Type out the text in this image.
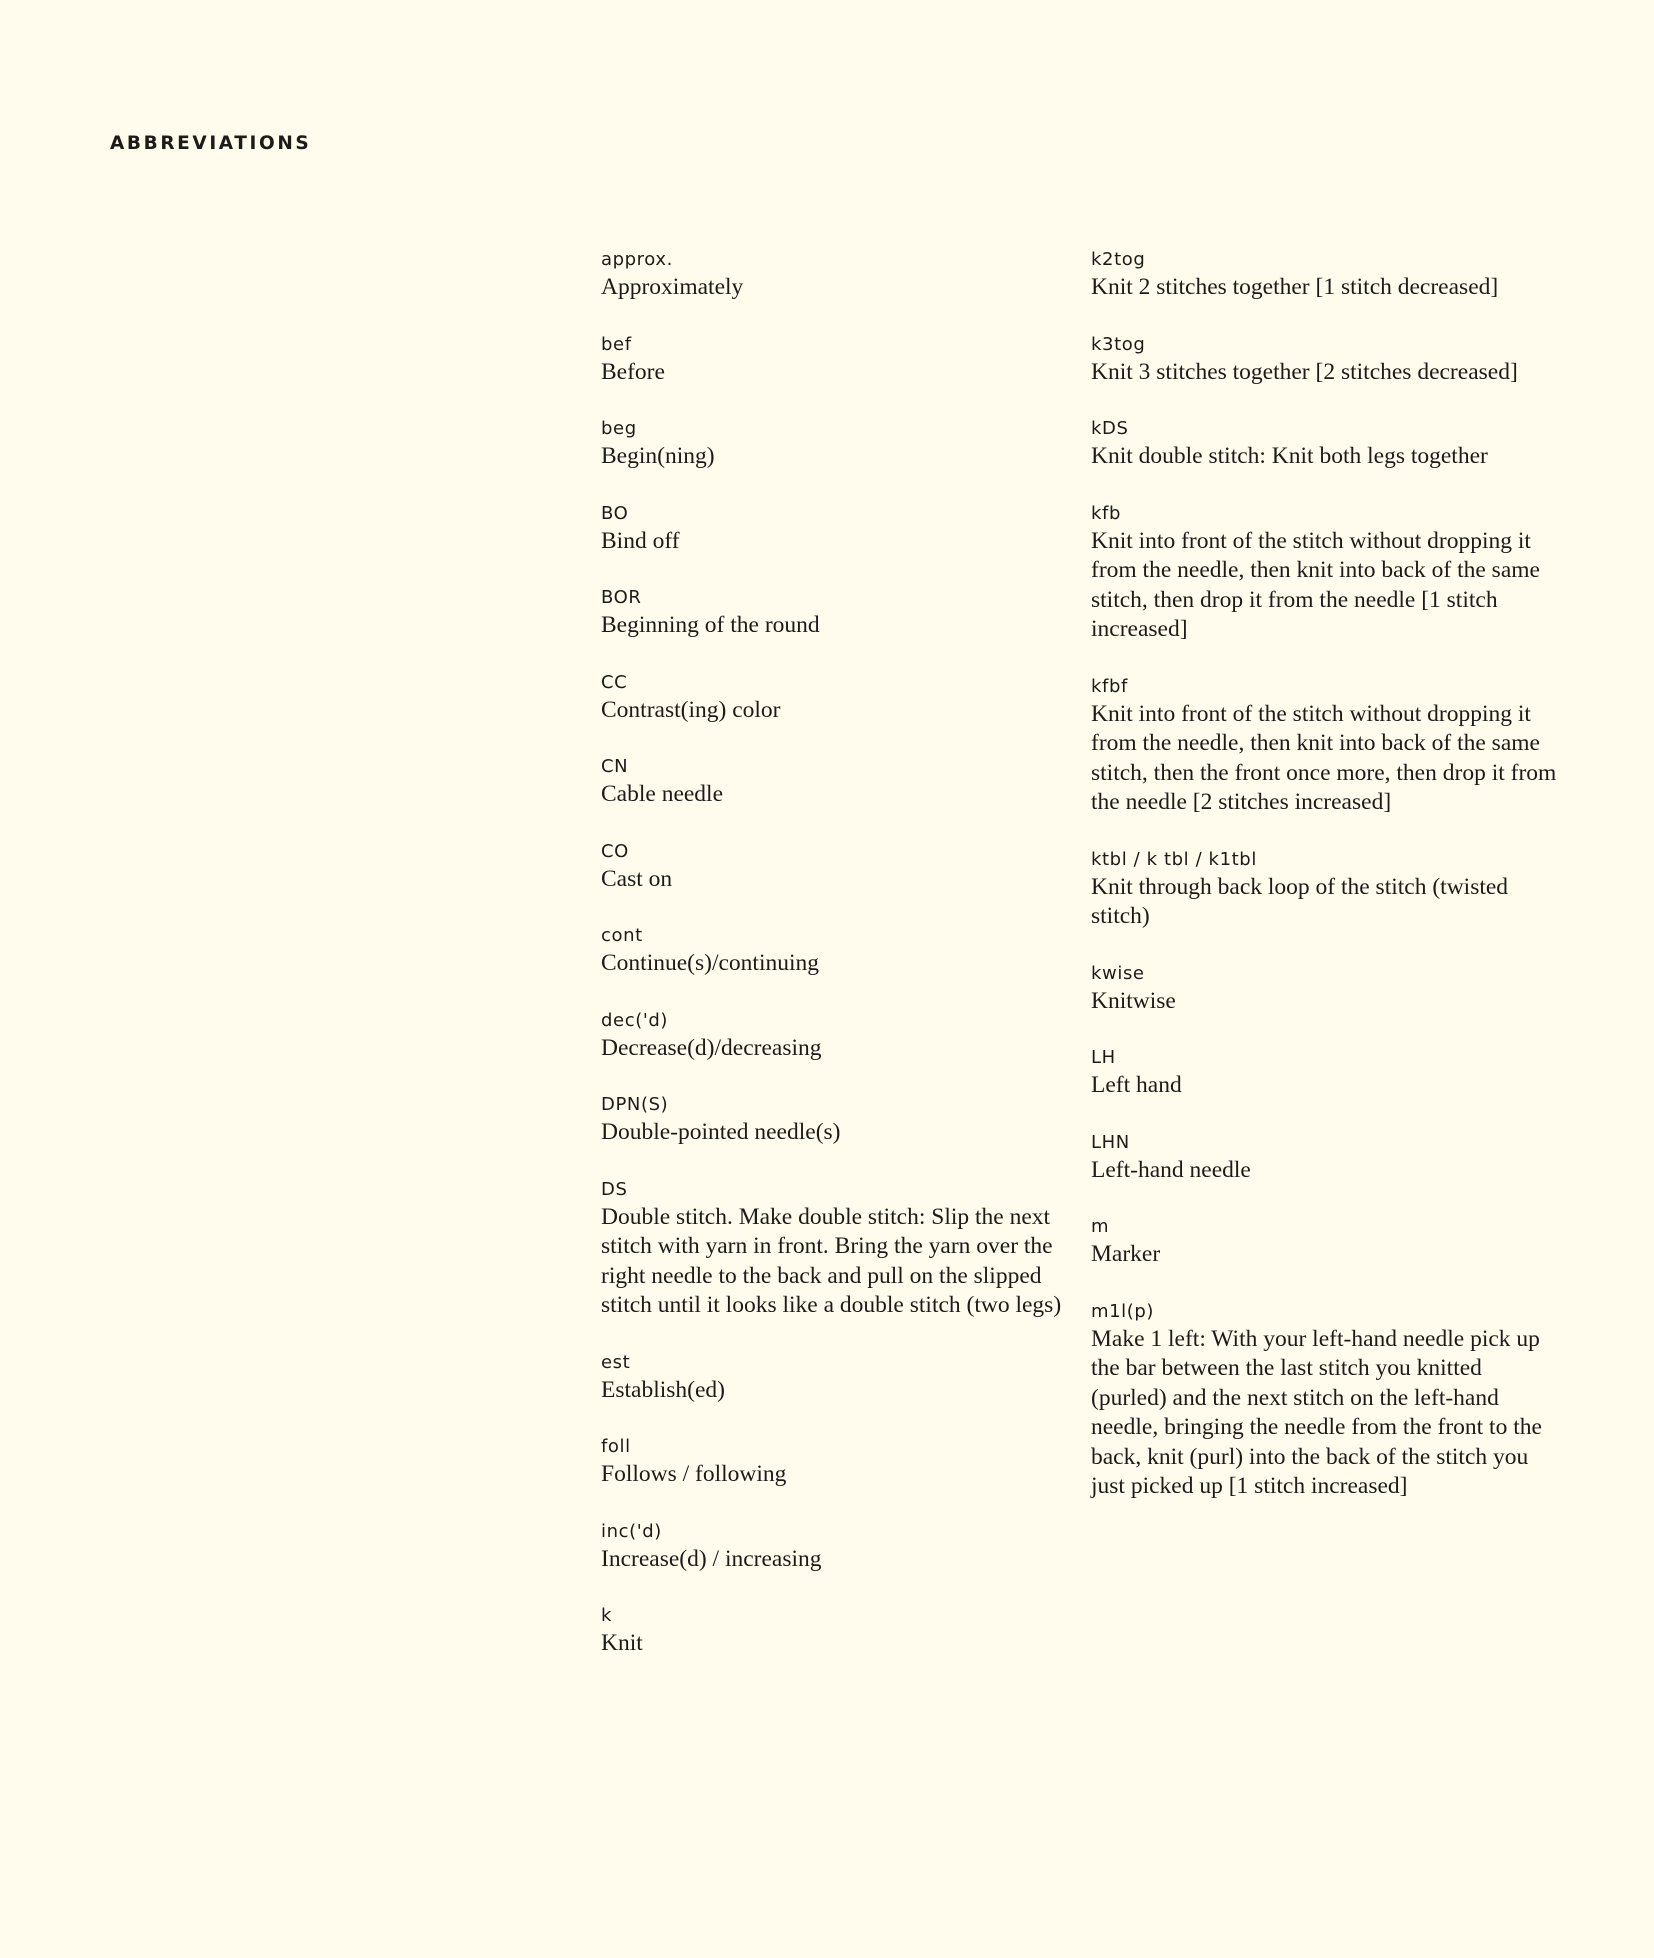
ABBREVIATIONS
approx.
Approximately
bef
Before
beg
Begin(ning)
BO
Bind off
BOR
Beginning of the round
CC
Contrast(ing) color
CN
Cable needle
CO
Cast on
cont
Continue(s)/continuing
dec('d)
Decrease(d)/decreasing
DPN(S)
Double-pointed needle(s)
DS
Double stitch. Make double stitch: Slip the next stitch with yarn in front. Bring the yarn over the right needle to the back and pull on the slipped stitch until it looks like a double stitch (two legs)
est
Establish(ed)
foll
Follows / following
inc('d)
Increase(d) / increasing
k
Knit
k2tog
Knit 2 stitches together [1 stitch decreased]
k3tog
Knit 3 stitches together [2 stitches decreased]
kDS
Knit double stitch: Knit both legs together
kfb
Knit into front of the stitch without dropping it from the needle, then knit into back of the same stitch, then drop it from the needle [1 stitch increased]
kfbf
Knit into front of the stitch without dropping it from the needle, then knit into back of the same stitch, then the front once more, then drop it from the needle [2 stitches increased]
ktbl / k tbl / k1tbl
Knit through back loop of the stitch (twisted stitch)
kwise
Knitwise
LH
Left hand
LHN
Left-hand needle
m
Marker
m1l(p)
Make 1 left: With your left-hand needle pick up the bar between the last stitch you knitted (purled) and the next stitch on the left-hand needle, bringing the needle from the front to the back, knit (purl) into the back of the stitch you just picked up [1 stitch increased]
